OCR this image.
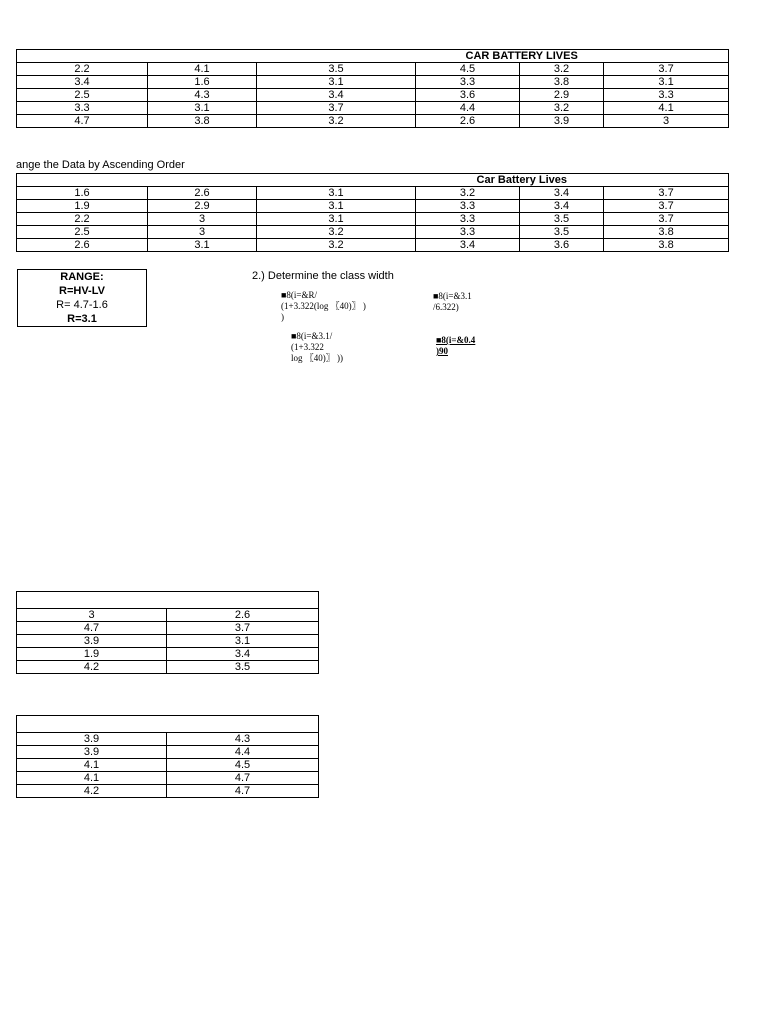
			CAR BATTERY LIVES		
2.2	4.1	3.5	4.5	3.2	3.7
3.4	1.6	3.1	3.3	3.8	3.1
2.5	4.3	3.4	3.6	2.9	3.3
3.3	3.1	3.7	4.4	3.2	4.1
4.7	3.8	3.2	2.6	3.9	3
ange the Data by Ascending Order
			Car Battery Lives		
1.6	2.6	3.1	3.2	3.4	3.7
1.9	2.9	3.1	3.3	3.4	3.7
2.2	3	3.1	3.3	3.5	3.7
2.5	3	3.2	3.3	3.5	3.8
2.6	3.1	3.2	3.4	3.6	3.8
RANGE:
R=HV-LV
R= 4.7-1.6
R=3.1
2.) Determine the class width
■8(i=&R/
(1+3.322(log 〖40)〗 )
)
■8(i=&3.1
/6.322)
■8(i=&3.1/
(1+3.322
log 〖40)〗 ))
■8(i=&0.4
)90

3	2.6
4.7	3.7
3.9	3.1
1.9	3.4
4.2	3.5

3.9	4.3
3.9	4.4
4.1	4.5
4.1	4.7
4.2	4.7
